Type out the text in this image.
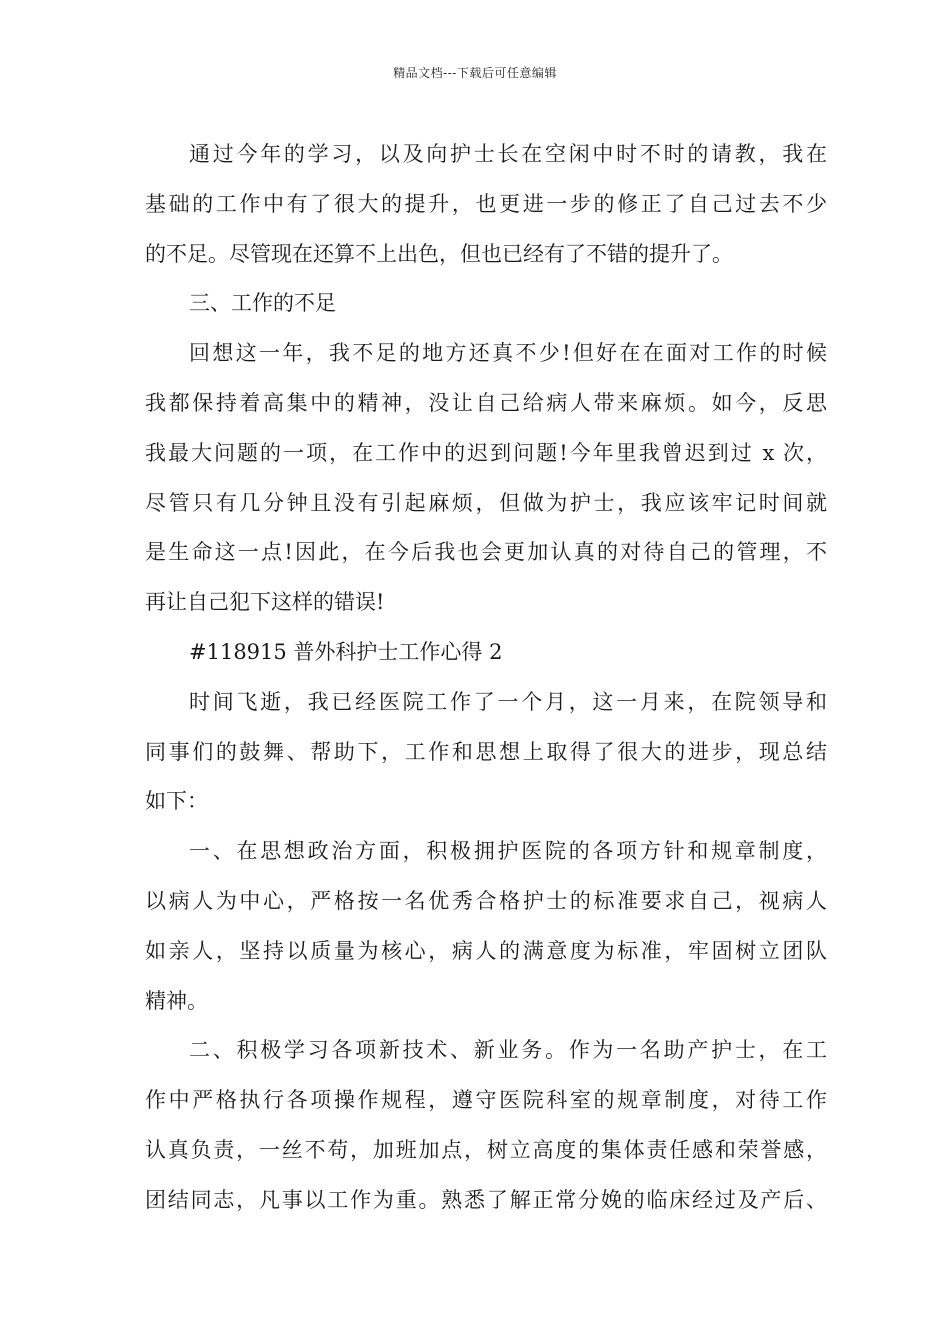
精品文档---下载后可任意编辑
通过今年的学习，以及向护士长在空闲中时不时的请教，我在
基础的工作中有了很大的提升，也更进一步的修正了自己过去不少
的不足。尽管现在还算不上出色，但也已经有了不错的提升了。
三、工作的不足
回想这一年，我不足的地方还真不少!但好在在面对工作的时候
我都保持着高集中的精神，没让自己给病人带来麻烦。如今，反思
我最大问题的一项，在工作中的迟到问题!今年里我曾迟到过 x 次，
尽管只有几分钟且没有引起麻烦，但做为护士，我应该牢记时间就
是生命这一点!因此，在今后我也会更加认真的对待自己的管理，不
再让自己犯下这样的错误!
#118915 普外科护士工作心得 2
时间飞逝，我已经医院工作了一个月，这一月来，在院领导和
同事们的鼓舞、帮助下，工作和思想上取得了很大的进步，现总结
如下：
一、在思想政治方面，积极拥护医院的各项方针和规章制度，
以病人为中心，严格按一名优秀合格护士的标准要求自己，视病人
如亲人，坚持以质量为核心，病人的满意度为标准，牢固树立团队
精神。
二、积极学习各项新技术、新业务。作为一名助产护士，在工
作中严格执行各项操作规程，遵守医院科室的规章制度，对待工作
认真负责，一丝不苟，加班加点，树立高度的集体责任感和荣誉感，
团结同志，凡事以工作为重。熟悉了解正常分娩的临床经过及产后、
